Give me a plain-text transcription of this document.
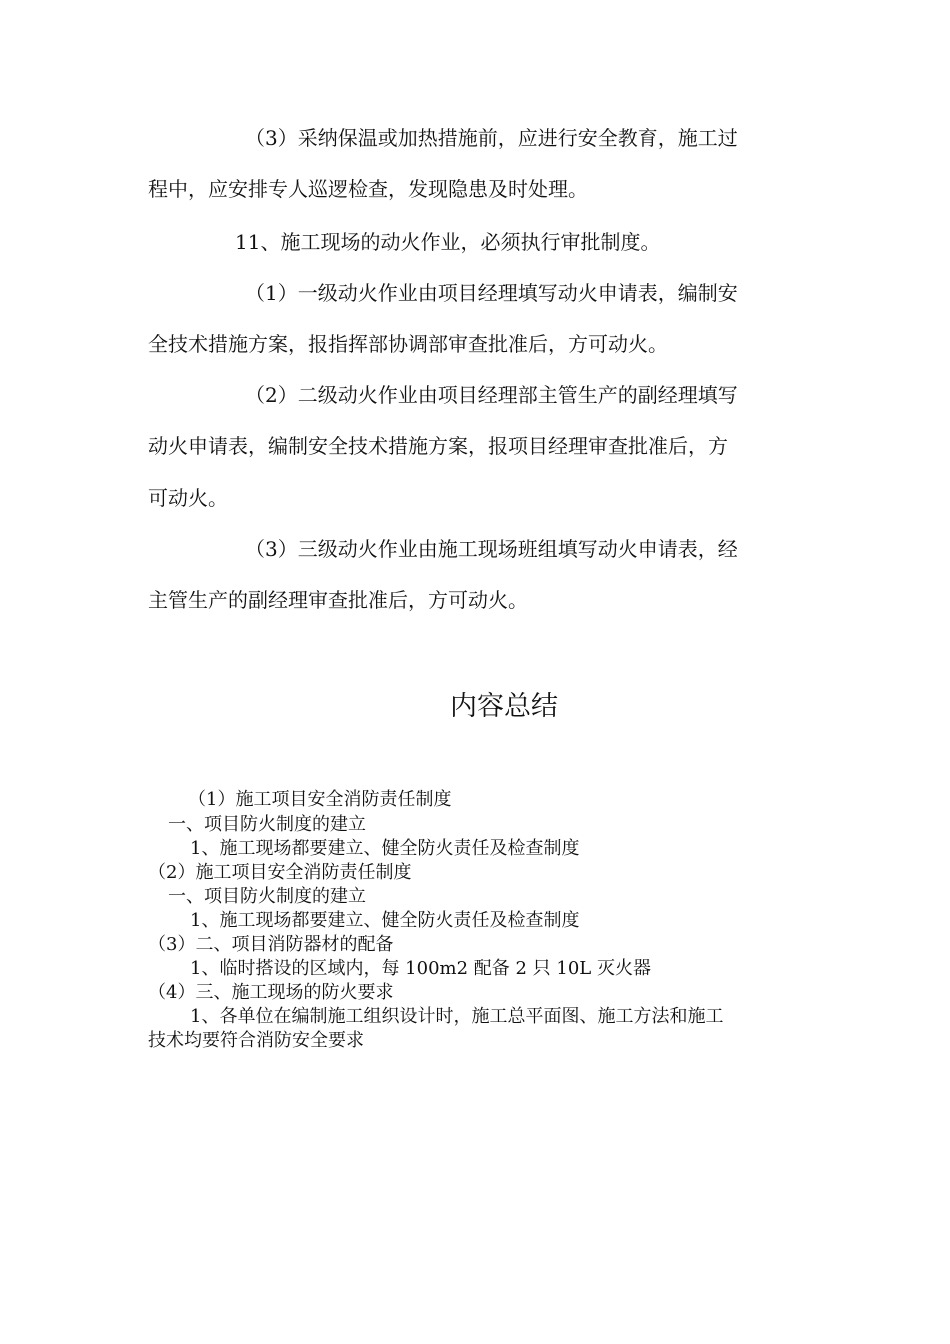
（3）采纳保温或加热措施前，应进行安全教育，施工过
程中，应安排专人巡逻检查，发现隐患及时处理。
11、施工现场的动火作业，必须执行审批制度。
（1）一级动火作业由项目经理填写动火申请表，编制安
全技术措施方案，报指挥部协调部审查批准后，方可动火。
（2）二级动火作业由项目经理部主管生产的副经理填写
动火申请表，编制安全技术措施方案，报项目经理审查批准后，方
可动火。
（3）三级动火作业由施工现场班组填写动火申请表，经
主管生产的副经理审查批准后，方可动火。
内容总结
（1）施工项目安全消防责任制度
一、项目防火制度的建立
1、施工现场都要建立、健全防火责任及检查制度
（2）施工项目安全消防责任制度
一、项目防火制度的建立
1、施工现场都要建立、健全防火责任及检查制度
（3）二、项目消防器材的配备
1、临时搭设的区域内，每 100m2 配备 2 只 10L 灭火器
（4）三、施工现场的防火要求
1、各单位在编制施工组织设计时，施工总平面图、施工方法和施工
技术均要符合消防安全要求
